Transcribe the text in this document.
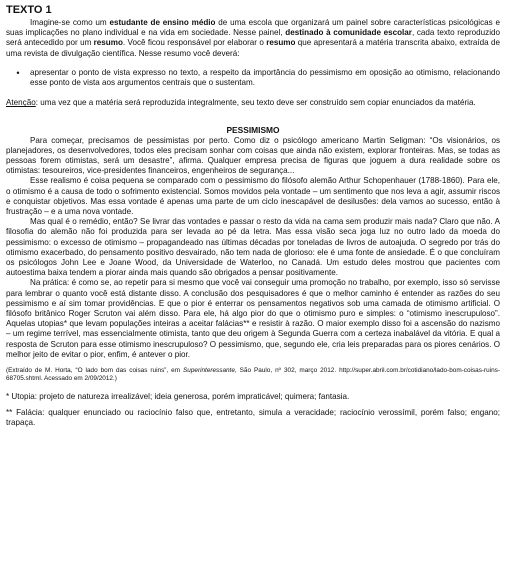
TEXTO 1

Imagine-se como um estudante de ensino médio de uma escola que organizará um painel sobre características psicológicas e suas implicações no plano individual e na vida em sociedade. Nesse painel, destinado à comunidade escolar, cada texto reproduzido será antecedido por um resumo. Você ficou responsável por elaborar o resumo que apresentará a matéria transcrita abaixo, extraída de uma revista de divulgação científica. Nesse resumo você deverá:

•	apresentar o ponto de vista expresso no texto, a respeito da importância do pessimismo em oposição ao otimismo, relacionando esse ponto de vista aos argumentos centrais que o sustentam.

Atenção: uma vez que a matéria será reproduzida integralmente, seu texto deve ser construído sem copiar enunciados da matéria.

PESSIMISMO

Para começar, precisamos de pessimistas por perto. Como diz o psicólogo americano Martin Seligman: “Os visionários, os planejadores, os desenvolvedores, todos eles precisam sonhar com coisas que ainda não existem, explorar fronteiras. Mas, se todas as pessoas forem otimistas, será um desastre”, afirma. Qualquer empresa precisa de figuras que joguem a dura realidade sobre os otimistas: tesoureiros, vice-presidentes financeiros, engenheiros de segurança...

Esse realismo é coisa pequena se comparado com o pessimismo do filósofo alemão Arthur Schopenhauer (1788-1860). Para ele, o otimismo é a causa de todo o sofrimento existencial. Somos movidos pela vontade – um sentimento que nos leva a agir, assumir riscos e conquistar objetivos. Mas essa vontade é apenas uma parte de um ciclo inescapável de desilusões: dela vamos ao sucesso, então à frustração – e a uma nova vontade.

Mas qual é o remédio, então? Se livrar das vontades e passar o resto da vida na cama sem produzir mais nada? Claro que não. A filosofia do alemão não foi produzida para ser levada ao pé da letra. Mas essa visão seca joga luz no outro lado da moeda do pessimismo: o excesso de otimismo – propagandeado nas últimas décadas por toneladas de livros de autoajuda. O segredo por trás do otimismo exacerbado, do pensamento positivo desvairado, não tem nada de glorioso: ele é uma fonte de ansiedade. É o que concluíram os psicólogos John Lee e Joane Wood, da Universidade de Waterloo, no Canadá. Um estudo deles mostrou que pacientes com autoestima baixa tendem a piorar ainda mais quando são obrigados a pensar positivamente.

Na prática: é como se, ao repetir para si mesmo que você vai conseguir uma promoção no trabalho, por exemplo, isso só servisse para lembrar o quanto você está distante disso. A conclusão dos pesquisadores é que o melhor caminho é entender as razões do seu pessimismo e aí sim tomar providências. E que o pior é enterrar os pensamentos negativos sob uma camada de otimismo artificial. O filósofo britânico Roger Scruton vai além disso. Para ele, há algo pior do que o otimismo puro e simples: o “otimismo inescrupuloso”. Aquelas utopias* que levam populações inteiras a aceitar falácias** e resistir à razão. O maior exemplo disso foi a ascensão do nazismo – um regime terrível, mas essencialmente otimista, tanto que deu origem à Segunda Guerra com a certeza inabalável da vitória. E qual a resposta de Scruton para esse otimismo inescrupuloso? O pessimismo, que, segundo ele, cria leis preparadas para os piores cenários. O melhor jeito de evitar o pior, enfim, é antever o pior.

(Extraído de M. Horta, “O lado bom das coisas ruins”, em Superinteressante, São Paulo, nº 302, março 2012. http://super.abril.com.br/cotidiano/lado-bom-coisas-ruins-68705.shtml. Acessado em 2/09/2012.)

* Utopia: projeto de natureza irrealizável; ideia generosa, porém impraticável; quimera; fantasia.

** Falácia: qualquer enunciado ou raciocínio falso que, entretanto, simula a veracidade; raciocínio verossímil, porém falso; engano; trapaça.
